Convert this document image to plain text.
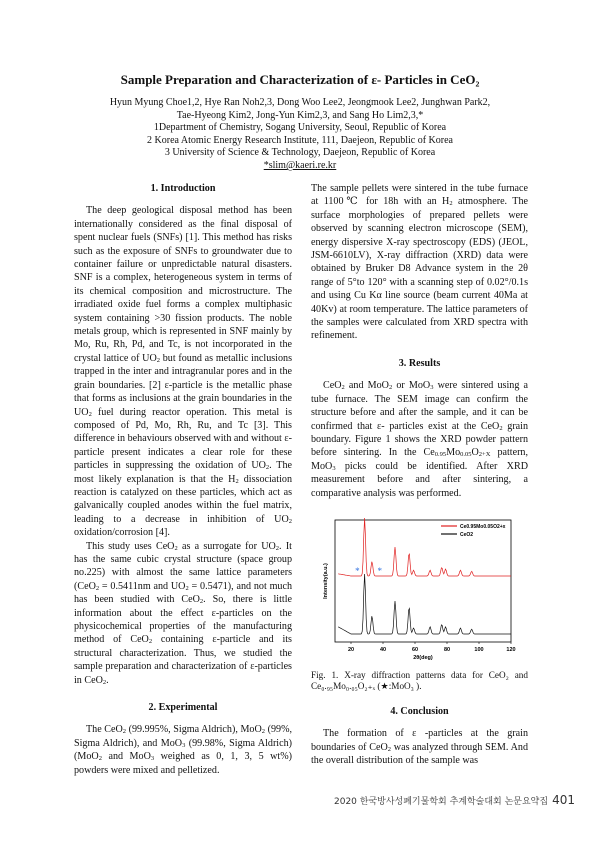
Sample Preparation and Characterization of ε- Particles in CeO₂
Hyun Myung Choe1,2, Hye Ran Noh2,3, Dong Woo Lee2, Jeongmook Lee2, Junghwan Park2,
Tae-Hyeong Kim2, Jong-Yun Kim2,3, and Sang Ho Lim2,3,*
1Department of Chemistry, Sogang University, Seoul, Republic of Korea
2 Korea Atomic Energy Research Institute, 111, Daejeon, Republic of Korea
3 University of Science & Technology, Daejeon, Republic of Korea
*slim@kaeri.re.kr
1. Introduction

The deep geological disposal method has been internationally considered as the final disposal of spent nuclear fuels (SNFs) [1]. This method has risks such as the exposure of SNFs to groundwater due to container failure or unpredictable natural disasters. SNF is a complex, heterogeneous system in terms of its chemical composition and microstructure. The irradiated oxide fuel forms a complex multiphasic system containing >30 fission products. The noble metals group, which is represented in SNF mainly by Mo, Ru, Rh, Pd, and Tc, is not incorporated in the crystal lattice of $UO_2$ but found as metallic inclusions trapped in the inter and intragranular pores and in the grain boundaries. [2] ε-particle is the metallic phase that forms as inclusions at the grain boundaries in the $UO_2$ fuel during reactor operation. This metal is composed of Pd, Mo, Rh, Ru, and Tc [3]. This difference in behaviours observed with and without ε-particle present indicates a clear role for these particles in suppressing the oxidation of $UO_2$. The most likely explanation is that the $H_2$ dissociation reaction is catalyzed on these particles, which act as galvanically coupled anodes within the fuel matrix, leading to a decrease in inhibition of $UO_2$ oxidation/corrosion [4].

This study uses CeO$_2$ as a surrogate for $UO_2$. It has the same cubic crystal structure (space group no.225) with almost the same lattice parameters (CeO$_2$ = 0.5411nm and $UO_2 = 0.5471$), and not much has been studied with CeO$_2$. So, there is little information about the effect ε-particles on the physicochemical properties of the manufacturing method of CeO$_2$ containing ε-particle and its structural characterization. Thus, we studied the sample preparation and characterization of ε-particles in CeO$_2$.

2. Experimental

The CeO$_2$ (99.995%, Sigma Aldrich), MoO$_2$ (99%, Sigma Aldrich), and MoO$_3$ (99.98%, Sigma Aldrich) (MoO$_2$ and MoO$_3$ weighed as 0, 1, 3, 5 wt%) powders were mixed and pelletized.

The sample pellets were sintered in the tube furnace at 1100℃ for 18h with an $H_2$ atmosphere. The surface morphologies of prepared pellets were observed by scanning electron microscope (SEM), energy dispersive X-ray spectroscopy (EDS) (JEOL, JSM-6610LV), X-ray diffraction (XRD) data were obtained by Bruker D8 Advance system in the 2θ range of 5°to 120° with a scanning step of 0.02°/0.1s and using Cu Kα line source (beam current 40Ma at 40Kv) at room temperature. The lattice parameters of the samples were calculated from XRD spectra with refinement.

3. Results

CeO$_2$ and MoO$_2$ or MoO$_3$ were sintered using a tube furnace. The SEM image can confirm the structure before and after the sample, and it can be confirmed that ε- particles exist at the CeO$_2$ grain boundary. Figure 1 shows the XRD powder pattern before sintering. In the $Ce_{0.95}Mo_{0.05}O_{2+X}$ pattern, MoO$_3$ picks could be identified. After XRD measurement before and after sintering, a comparative analysis was performed.

* *
20	40	60	80	100	120
2θ(deg)
Intensity(a.u.)
Ce0.95Mo0.05O2+x
CeO2
Fig. 1. X-ray diffraction patterns data for CeO₂ and Ce₀.₉₅Mo₀.₀₅O₂₊ₓ (★:MoO₃ ).
4. Conclusion

The formation of ε -particles at the grain boundaries of CeO$_2$ was analyzed through SEM. And the overall distribution of the sample was

2020 한국방사성폐기물학회 추계학술대회 논문요약집 401
